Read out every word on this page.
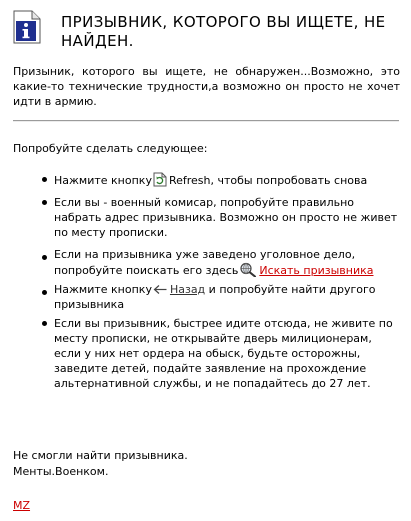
ПРИЗЫВНИК, КОТОРОГО ВЫ ИЩЕТЕ, НЕ НАЙДЕН.

Призыник, которого вы ищете, не обнаружен...Возможно, это какие-то технические трудности,а возможно он просто не хочет идти в армию.

Попробуйте сделать следующее:

Нажмите кнопку Refresh, чтобы попробовать снова
Если вы - военный комисар, попробуйте правильно набрать адрес призывника. Возможно он просто не живет по месту прописки.
Если на призывника уже заведено уголовное дело, попробуйте поискать его здесь Искать призывника
Нажмите кнопку Назад и попробуйте найти другого призывника
Если вы призывник, быстрее идите отсюда, не живите по месту прописки, не открывайте дверь милиционерам, если у них нет ордера на обыск, будьте осторожны, заведите детей, подайте заявление на прохождение альтернативной службы, и не попадайтесь до 27 лет.
Не смогли найти призывника.
Менты.Военком.
MZ
